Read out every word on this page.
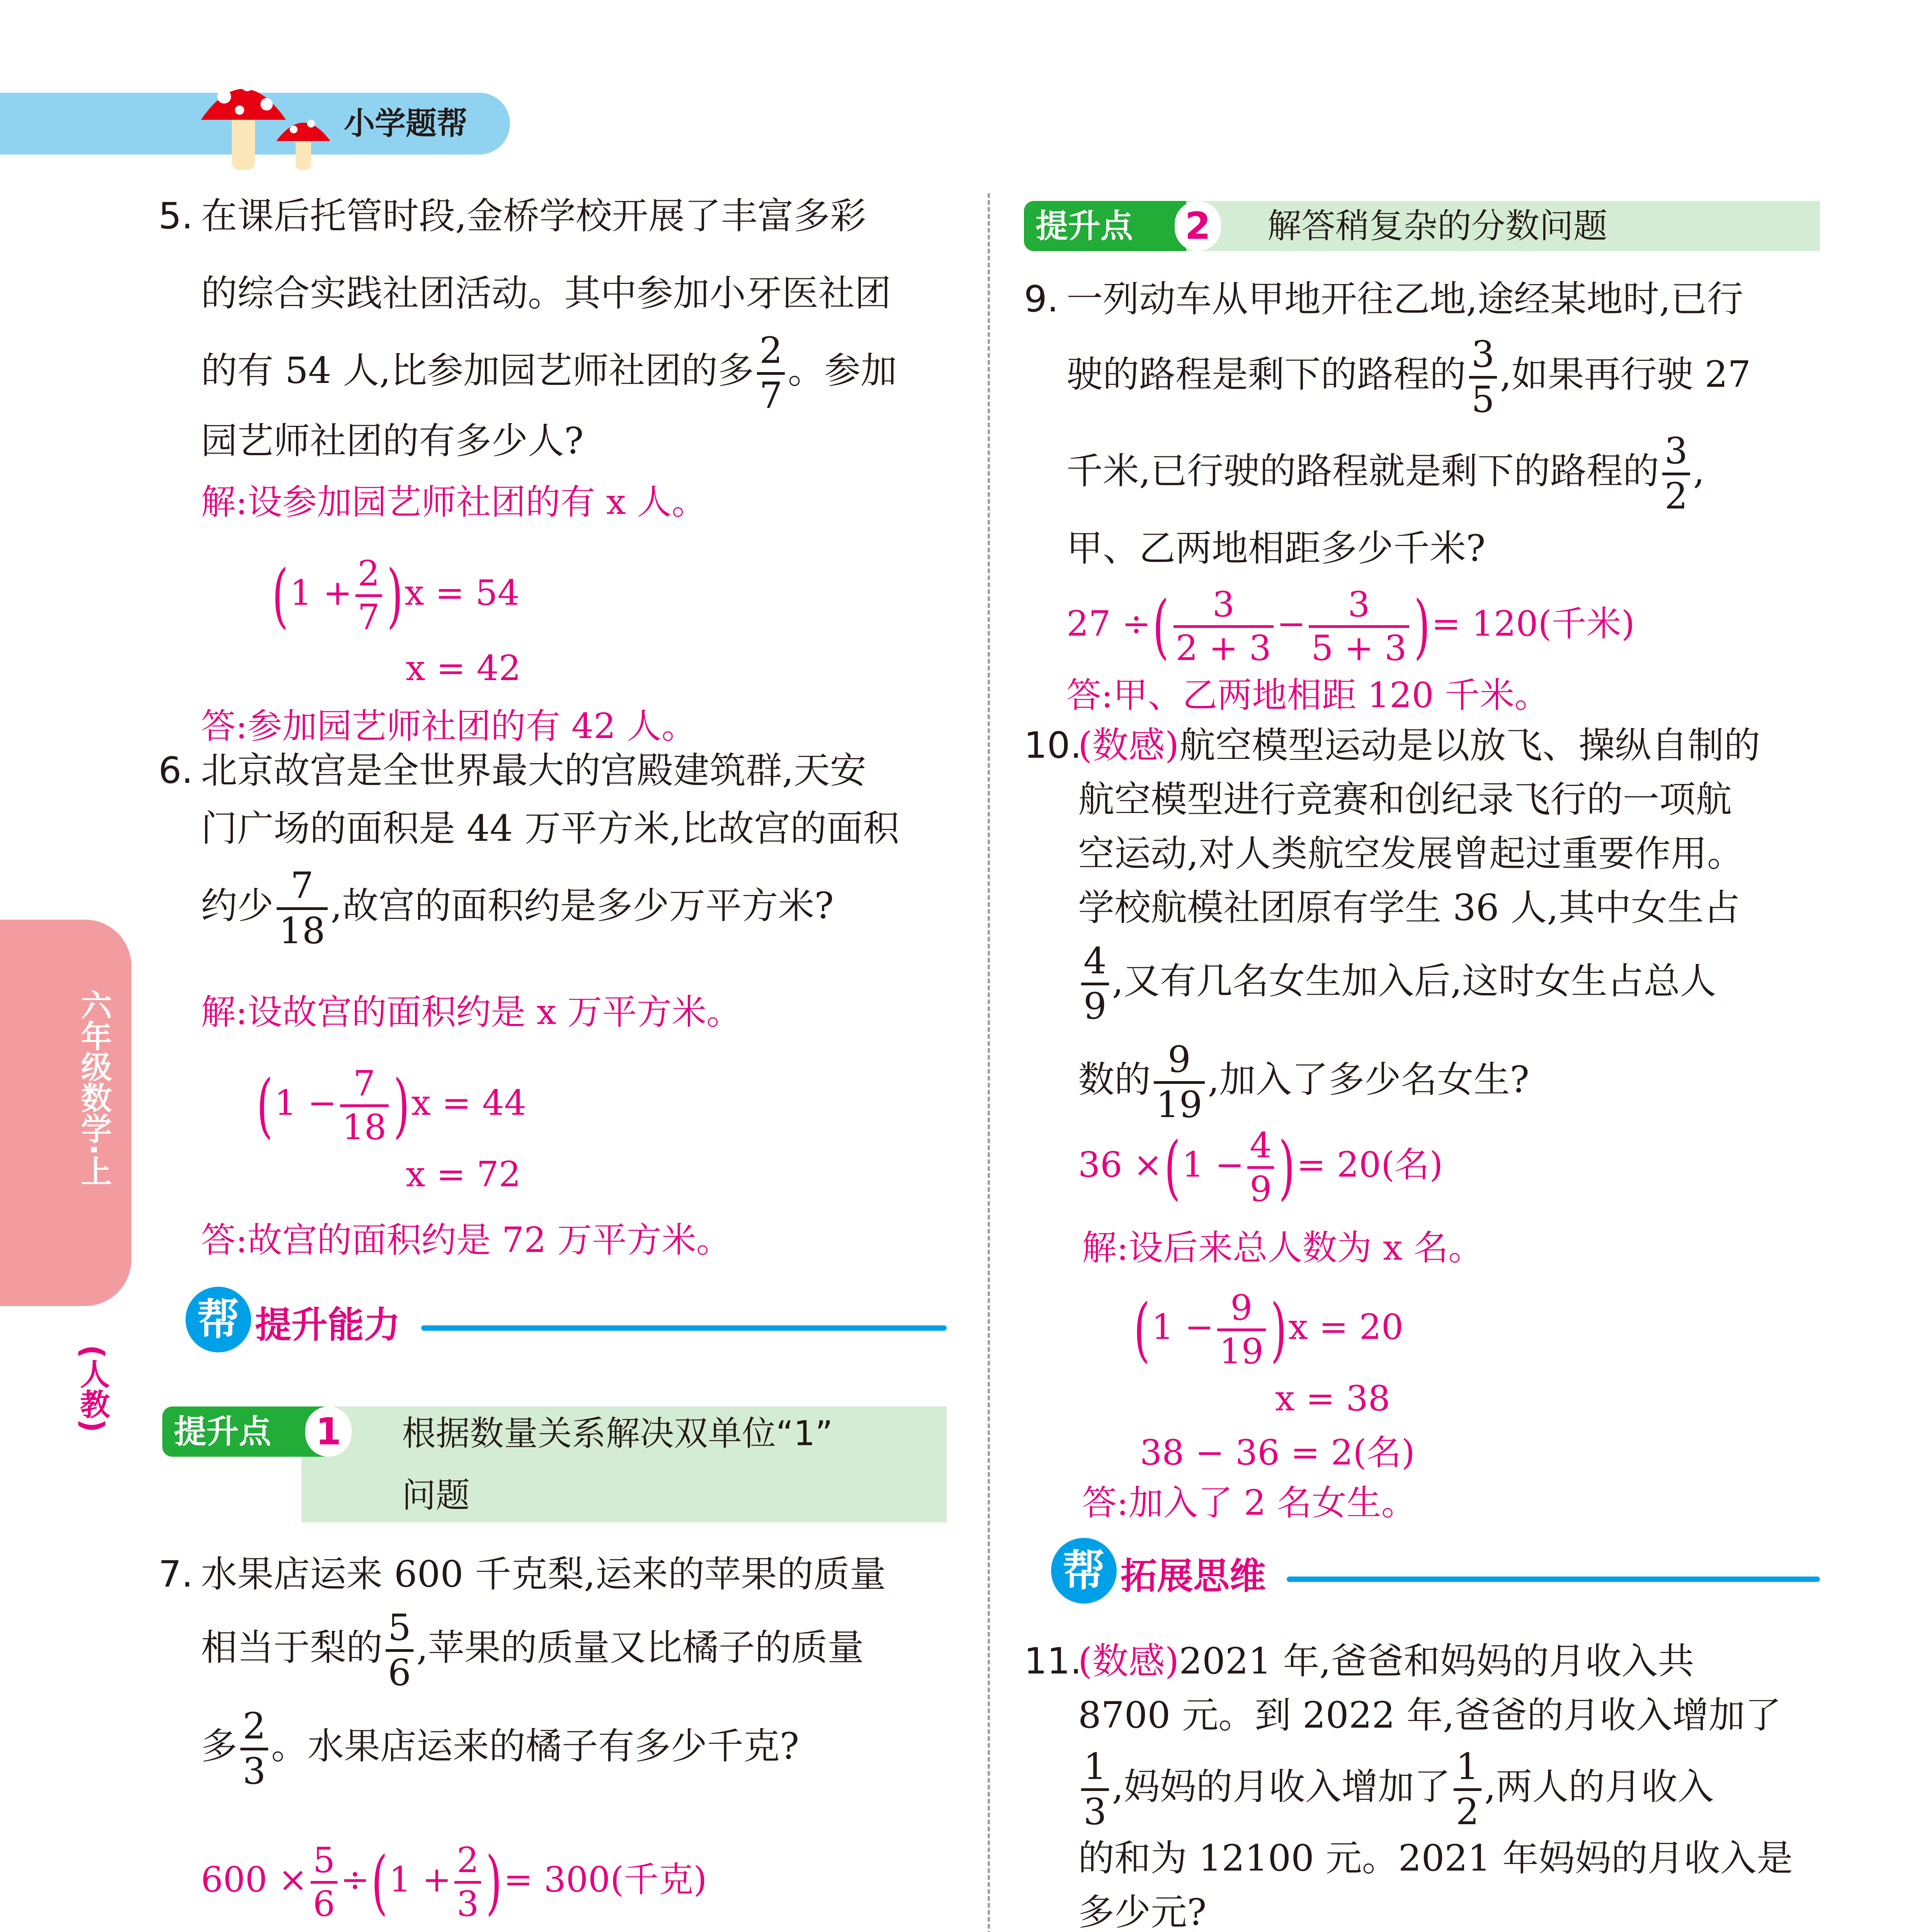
小学题帮
六年级数学·上
(人教)
5. 在课后托管时段,金桥学校开展了丰富多彩
的综合实践社团活动。其中参加小牙医社团
的有 54 人,比参加园艺师社团的多 $\frac{2}{7}$ 。参加
园艺师社团的有多少人?
解:设参加园艺师社团的有 x 人。
$(1 + \frac{2}{7} )x = 54$
x = 42
答:参加园艺师社团的有 42 人。
6. 北京故宫是全世界最大的宫殿建筑群,天安
门广场的面积是 44 万平方米,比故宫的面积
约少 $\frac{7}{18}$ ,故宫的面积约是多少万平方米?
解:设故宫的面积约是 x 万平方米。
$(1 - \frac{7}{18} )x = 44$
x = 72
答:故宫的面积约是 72 万平方米。
帮 提升能力
提升点	1	根据数量关系解决双单位“1”
问题
7. 水果店运来 600 千克梨,运来的苹果的质量
相当于梨的 $\frac{5}{6}$ ,苹果的质量又比橘子的质量
多 $\frac{2}{3}$ 。水果店运来的橘子有多少千克?
$600 \times \frac{5}{6} \div(1 + \frac{2}{3}$ )= 300(千克)
提升点	2	解答稍复杂的分数问题
9. 一列动车从甲地开往乙地,途经某地时,已行
驶的路程是剩下的路程的 $\frac{3}{5}$ ,如果再行驶 27
千米,已行驶的路程就是剩下的路程的 $\frac{3}{2}$ ,
甲、乙两地相距多少千米?
27 ÷( $\frac{3}{2 + 3} - \frac{3}{5 + 3}$ )= 120(千米)
答:甲、乙两地相距 120 千米。
10.(数感)航空模型运动是以放飞、操纵自制的
航空模型进行竞赛和创纪录飞行的一项航
空运动,对人类航空发展曾起过重要作用。
学校航模社团原有学生 36 人,其中女生占
$\frac{4}{9}$ ,又有几名女生加入后,这时女生占总人
数的 $\frac{9}{19}$ ,加入了多少名女生?
$36 \times(1 - \frac{4}{9}$ )= 20(名)
解:设后来总人数为 x 名。
$(1 - \frac{9}{19} )x = 20$
x = 38
38 − 36 = 2(名)
答:加入了 2 名女生。
帮 拓展思维
11.(数感)2021 年,爸爸和妈妈的月收入共
8700 元。到 2022 年,爸爸的月收入增加了
$\frac{1}{3}$ ,妈妈的月收入增加了 $\frac{1}{2}$ ,两人的月收入
的和为 12100 元。2021 年妈妈的月收入是
多少元?
